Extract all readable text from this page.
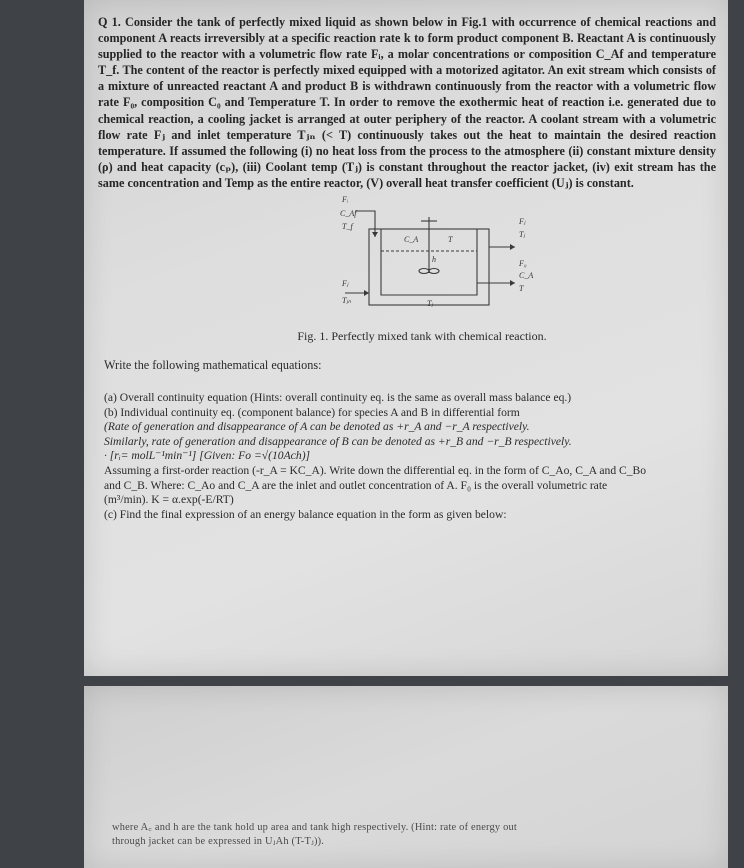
Q 1. Consider the tank of perfectly mixed liquid as shown below in Fig.1 with occurrence of chemical reactions and component A reacts irreversibly at a specific reaction rate k to form product component B. Reactant A is continuously supplied to the reactor with a volumetric flow rate Fᵢ, a molar concentrations or composition C_Af and temperature T_f. The content of the reactor is perfectly mixed equipped with a motorized agitator. An exit stream which consists of a mixture of unreacted reactant A and product B is withdrawn continuously from the reactor with a volumetric flow rate F₀, composition C₀ and Temperature T. In order to remove the exothermic heat of reaction i.e. generated due to chemical reaction, a cooling jacket is arranged at outer periphery of the reactor. A coolant stream with a volumetric flow rate Fⱼ and inlet temperature Tⱼₙ (< T) continuously takes out the heat to maintain the desired reaction temperature. If assumed the following (i) no heat loss from the process to the atmosphere (ii) constant mixture density (ρ) and heat capacity (cₚ), (iii) Coolant temp (Tⱼ) is constant throughout the reactor jacket, (iv) exit stream has the same concentration and Temp as the entire reactor, (V) overall heat transfer coefficient (Uⱼ) is constant.

Fᵢ
C_Af
T_f
C_A	T
h
Fⱼ
Tⱼ
F₀
C_A
T
Fⱼ
Tⱼₙ	Tⱼ

Fig. 1. Perfectly mixed tank with chemical reaction.

Write the following mathematical equations:

(a) Overall continuity equation (Hints: overall continuity eq. is the same as overall mass balance eq.)

(b) Individual continuity eq. (component balance) for species A and B in differential form

(Rate of generation and disappearance of A can be denoted as +r_A and −r_A respectively.

Similarly, rate of generation and disappearance of B can be denoted as +r_B and −r_B respectively.

· [rᵢ= molL⁻¹min⁻¹] [Given: Fo =√(10Aᴄh)]

Assuming a first-order reaction (-r_A = KC_A). Write down the differential eq. in the form of C_Ao, C_A and C_Bo

and C_B. Where: C_Ao and C_A are the inlet and outlet concentration of A. F₀ is the overall volumetric rate

(m³/min). K = α.exp(-E/RT)

(c) Find the final expression of an energy balance equation in the form as given below:

where A꜀ and h are the tank hold up area and tank high respectively. (Hint: rate of energy out
through jacket can be expressed in UⱼAh (T-Tⱼ)).
